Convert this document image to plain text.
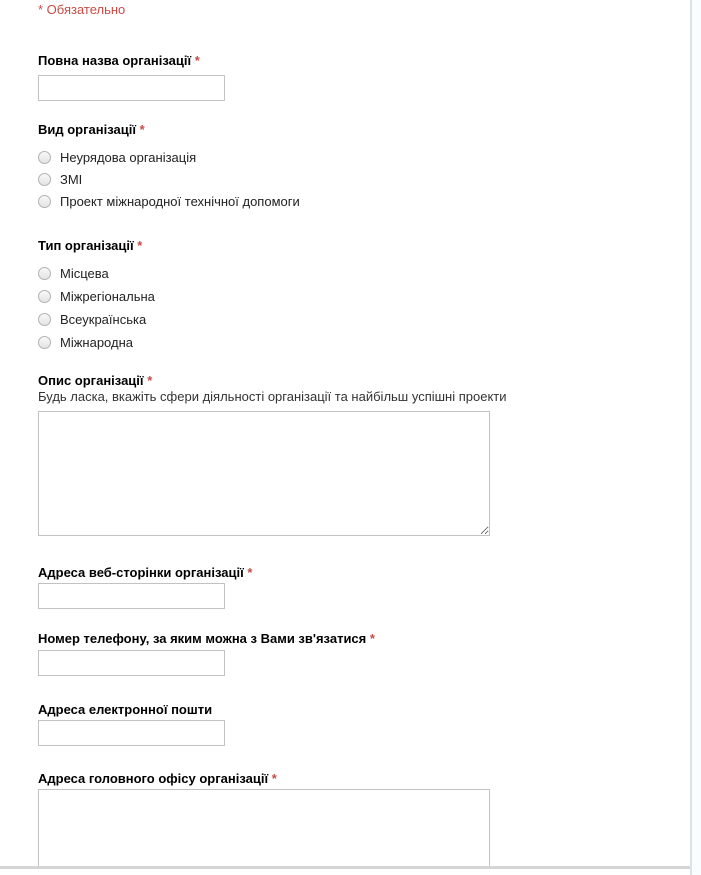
* Обязательно
Повна назва організації *
Вид організації *
Неурядова організація
ЗМІ
Проект міжнародної технічної допомоги
Тип організації *
Місцева
Міжрегіональна
Всеукраїнська
Міжнародна
Опис організації *
Будь ласка, вкажіть сфери діяльності організації та найбільш успішні проекти
Адреса веб-сторінки організації *
Номер телефону, за яким можна з Вами зв'язатися *
Адреса електронної пошти
Адреса головного офісу організації *
